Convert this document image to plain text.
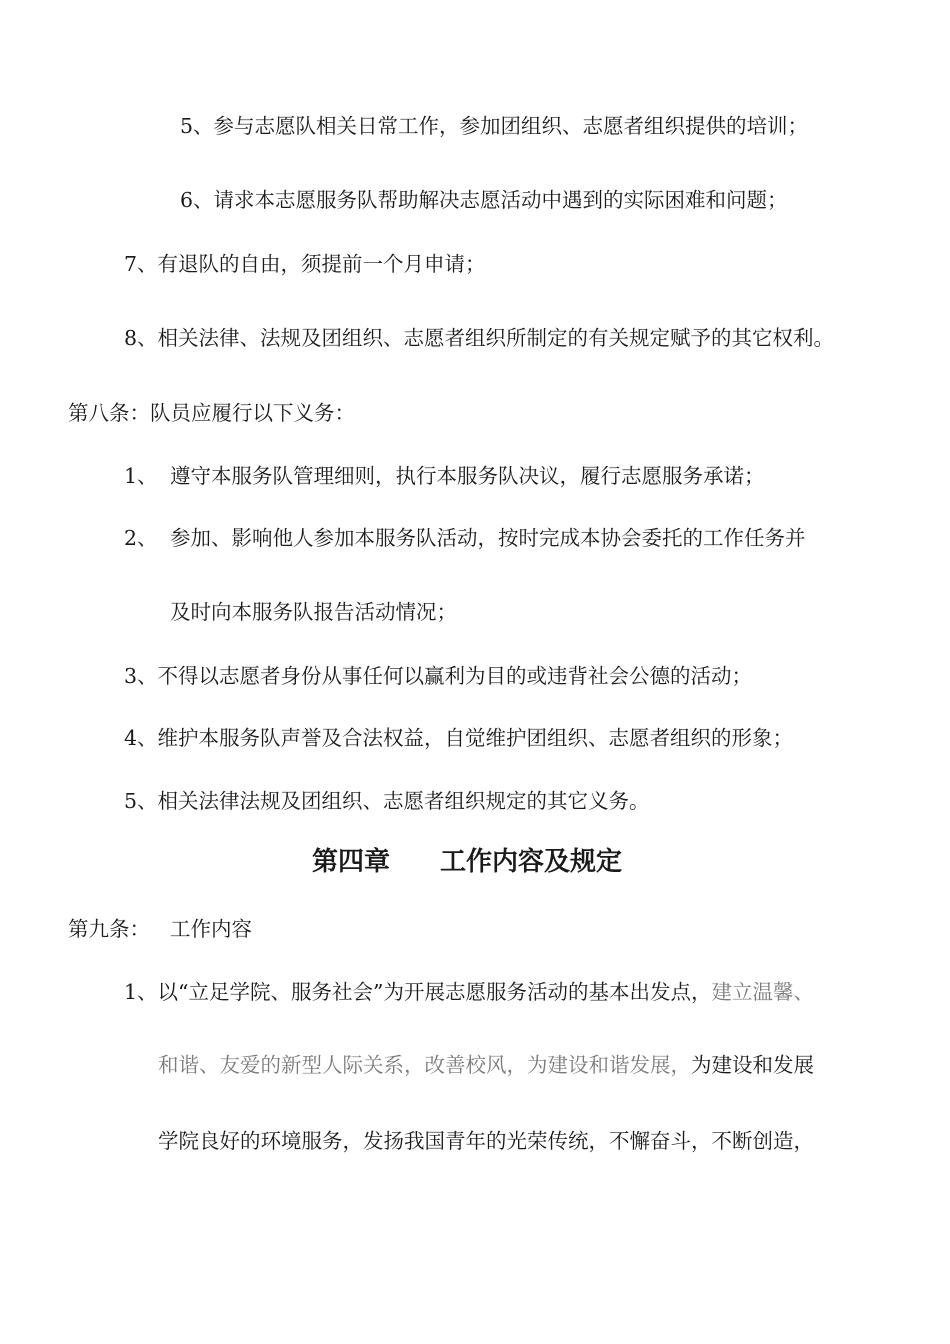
5、参与志愿队相关日常工作，参加团组织、志愿者组织提供的培训；
6、请求本志愿服务队帮助解决志愿活动中遇到的实际困难和问题；
7、有退队的自由，须提前一个月申请；
8、相关法律、法规及团组织、志愿者组织所制定的有关规定赋予的其它权利。
第八条：队员应履行以下义务：
1、 遵守本服务队管理细则，执行本服务队决议，履行志愿服务承诺；
2、 参加、影响他人参加本服务队活动，按时完成本协会委托的工作任务并
及时向本服务队报告活动情况；
3、不得以志愿者身份从事任何以赢利为目的或违背社会公德的活动；
4、维护本服务队声誉及合法权益，自觉维护团组织、志愿者组织的形象；
5、相关法律法规及团组织、志愿者组织规定的其它义务。
第四章 工作内容及规定
第九条： 工作内容
1、以“立足学院、服务社会”为开展志愿服务活动的基本出发点，建立温馨、
和谐、友爱的新型人际关系，改善校风，为建设和谐发展，为建设和发展
学院良好的环境服务，发扬我国青年的光荣传统，不懈奋斗，不断创造，
